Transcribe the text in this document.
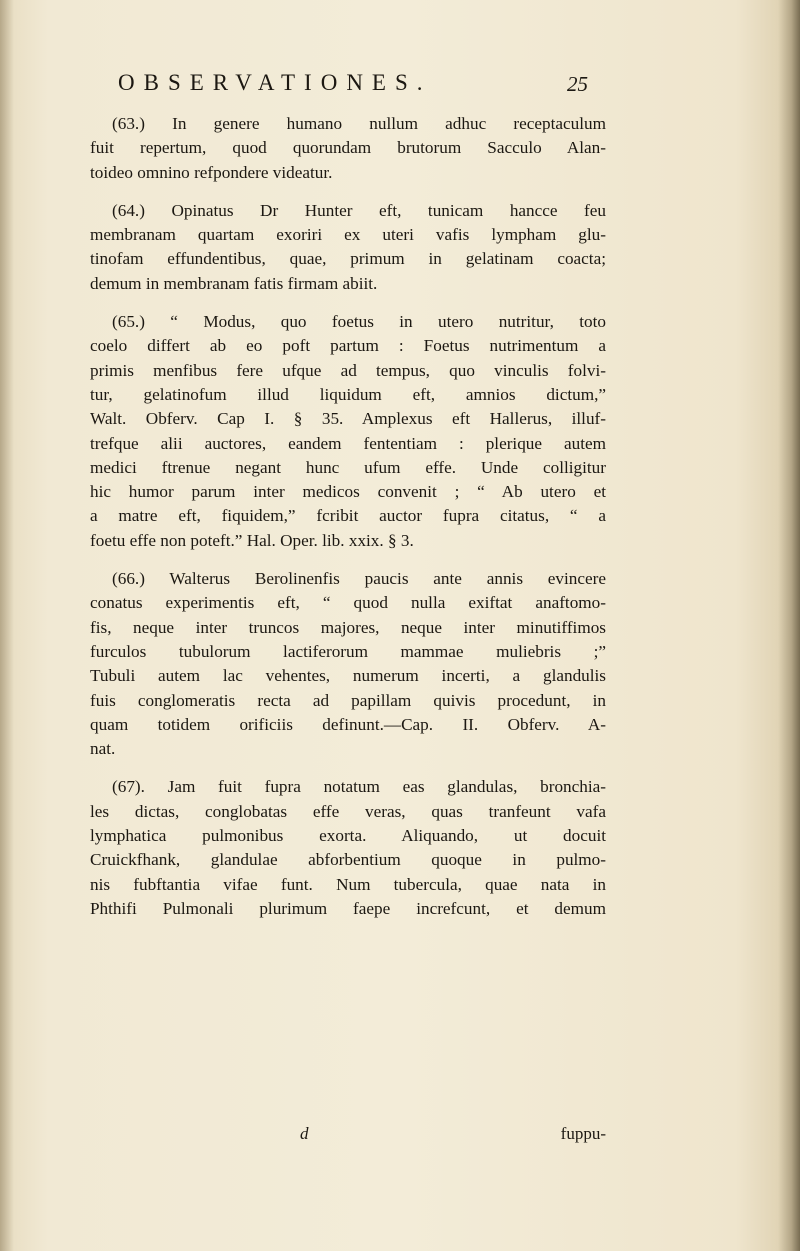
OBSERVATIONES.	25

(63.) In genere humano nullum adhuc receptaculum
fuit repertum, quod quorundam brutorum Sacculo Alan-
toideo omnino refpondere videatur.

(64.) Opinatus Dr Hunter eft, tunicam hancce feu
membranam quartam exoriri ex uteri vafis lympham glu-
tinofam effundentibus, quae, primum in gelatinam coacta;
demum in membranam fatis firmam abiit.

(65.) “ Modus, quo foetus in utero nutritur, toto
coelo differt ab eo poft partum : Foetus nutrimentum a
primis menfibus fere ufque ad tempus, quo vinculis folvi-
tur, gelatinofum illud liquidum eft, amnios dictum,”
Walt. Obferv. Cap I. § 35. Amplexus eft Hallerus, illuf-
trefque alii auctores, eandem fententiam : plerique autem
medici ftrenue negant hunc ufum effe. Unde colligitur
hic humor parum inter medicos convenit ; “ Ab utero et
a matre eft, fiquidem,” fcribit auctor fupra citatus, “ a
foetu effe non poteft.” Hal. Oper. lib. xxix. § 3.

(66.) Walterus Berolinenfis paucis ante annis evincere
conatus experimentis eft, “ quod nulla exiftat anaftomo-
fis, neque inter truncos majores, neque inter minutiffimos
furculos tubulorum lactiferorum mammae muliebris ;”
Tubuli autem lac vehentes, numerum incerti, a glandulis
fuis conglomeratis recta ad papillam quivis procedunt, in
quam totidem orificiis definunt.—Cap. II. Obferv. A-
nat.

(67). Jam fuit fupra notatum eas glandulas, bronchia-
les dictas, conglobatas effe veras, quas tranfeunt vafa
lymphatica pulmonibus exorta. Aliquando, ut docuit
Cruickfhank, glandulae abforbentium quoque in pulmo-
nis fubftantia vifae funt. Num tubercula, quae nata in
Phthifi Pulmonali plurimum faepe increfcunt, et demum

d	fuppu-
